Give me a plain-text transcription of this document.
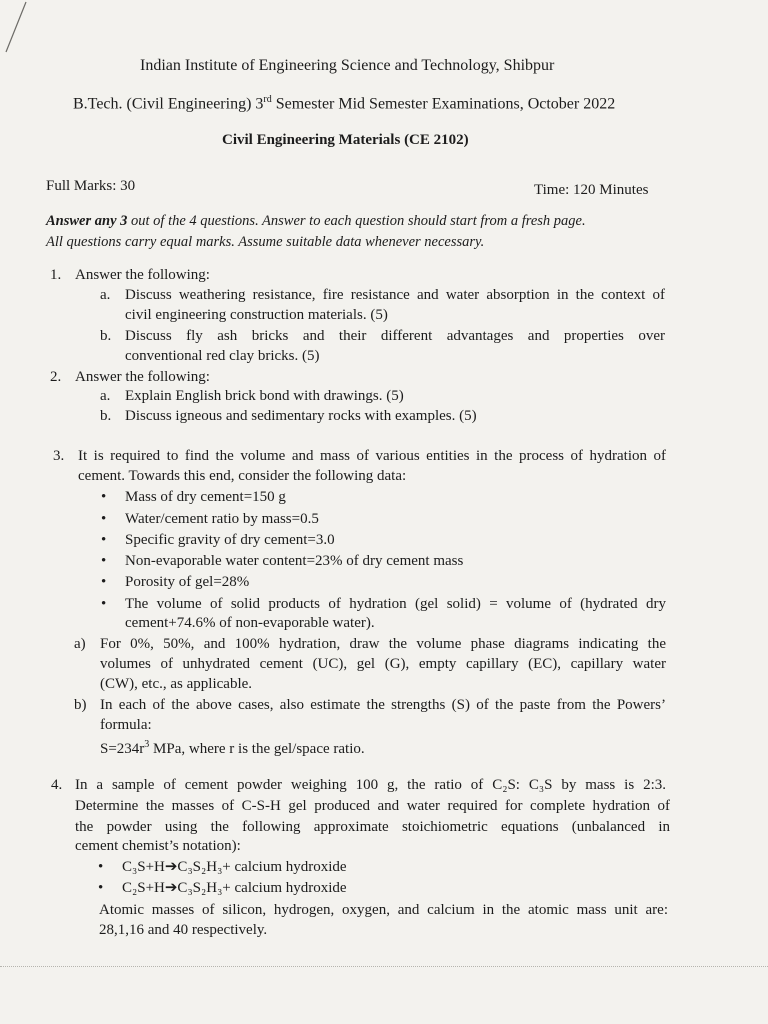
Indian Institute of Engineering Science and Technology, Shibpur
B.Tech. (Civil Engineering) 3rd Semester Mid Semester Examinations, October 2022
Civil Engineering Materials (CE 2102)
Full Marks: 30	Time: 120 Minutes
Answer any 3 out of the 4 questions. Answer to each question should start from a fresh page.
All questions carry equal marks. Assume suitable data whenever necessary.
1. Answer the following:
a. Discuss weathering resistance, fire resistance and water absorption in the context of
civil engineering construction materials. (5)
b. Discuss fly ash bricks and their different advantages and properties over
conventional red clay bricks. (5)
2. Answer the following:
a. Explain English brick bond with drawings. (5)
b. Discuss igneous and sedimentary rocks with examples. (5)
3. It is required to find the volume and mass of various entities in the process of hydration of
cement. Towards this end, consider the following data:
• Mass of dry cement=150 g
• Water/cement ratio by mass=0.5
• Specific gravity of dry cement=3.0
• Non-evaporable water content=23% of dry cement mass
• Porosity of gel=28%
• The volume of solid products of hydration (gel solid) = volume of (hydrated dry
cement+74.6% of non-evaporable water).
a) For 0%, 50%, and 100% hydration, draw the volume phase diagrams indicating the
volumes of unhydrated cement (UC), gel (G), empty capillary (EC), capillary water
(CW), etc., as applicable.
b) In each of the above cases, also estimate the strengths (S) of the paste from the Powers’
formula:
$S=234r^3$ MPa, where r is the gel/space ratio.
4. In a sample of cement powder weighing 100 g, the ratio of C₂S: C₃S by mass is 2:3.
Determine the masses of C-S-H gel produced and water required for complete hydration of
the powder using the following approximate stoichiometric equations (unbalanced in
cement chemist’s notation):
• C₃S+H➔C₃S₂H₃+ calcium hydroxide
• C₂S+H➔C₃S₂H₃+ calcium hydroxide
Atomic masses of silicon, hydrogen, oxygen, and calcium in the atomic mass unit are:
28,1,16 and 40 respectively.
